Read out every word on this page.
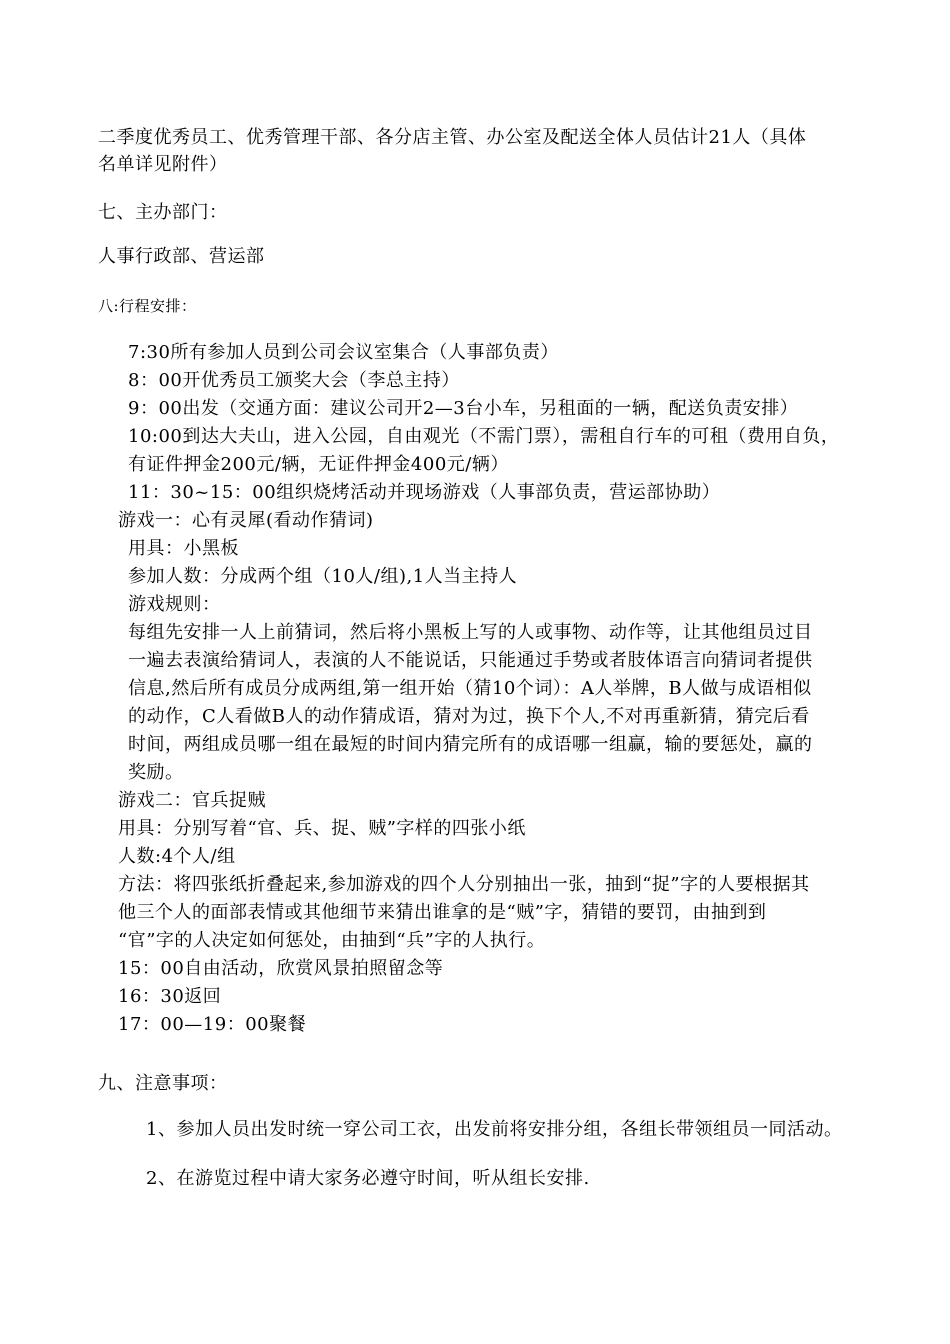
二季度优秀员工、优秀管理干部、各分店主管、办公室及配送全体人员估计21人（具体
名单详见附件）
七、主办部门：
人事行政部、营运部
八:行程安排：
7:30所有参加人员到公司会议室集合（人事部负责）
8：00开优秀员工颁奖大会（李总主持）
9：00出发（交通方面：建议公司开2—3台小车，另租面的一辆，配送负责安排）
10:00到达大夫山，进入公园，自由观光（不需门票），需租自行车的可租（费用自负，
有证件押金200元/辆，无证件押金400元/辆）
11：30~15：00组织烧烤活动并现场游戏（人事部负责，营运部协助）
游戏一：心有灵犀(看动作猜词)
用具：小黑板
参加人数：分成两个组（10人/组),1人当主持人
游戏规则：
每组先安排一人上前猜词，然后将小黑板上写的人或事物、动作等，让其他组员过目
一遍去表演给猜词人，表演的人不能说话，只能通过手势或者肢体语言向猜词者提供
信息,然后所有成员分成两组,第一组开始（猜10个词）：A人举牌，B人做与成语相似
的动作，C人看做B人的动作猜成语，猜对为过，换下个人,不对再重新猜，猜完后看
时间，两组成员哪一组在最短的时间内猜完所有的成语哪一组赢，输的要惩处，赢的
奖励。
游戏二：官兵捉贼
用具：分别写着“官、兵、捉、贼”字样的四张小纸
人数:4个人/组
方法：将四张纸折叠起来,参加游戏的四个人分别抽出一张，抽到“捉”字的人要根据其
他三个人的面部表情或其他细节来猜出谁拿的是“贼”字，猜错的要罚，由抽到到
“官”字的人决定如何惩处，由抽到“兵”字的人执行。
15：00自由活动，欣赏风景拍照留念等
16：30返回
17：00—19：00聚餐
九、注意事项：
1、参加人员出发时统一穿公司工衣，出发前将安排分组，各组长带领组员一同活动。
2、在游览过程中请大家务必遵守时间，听从组长安排.
